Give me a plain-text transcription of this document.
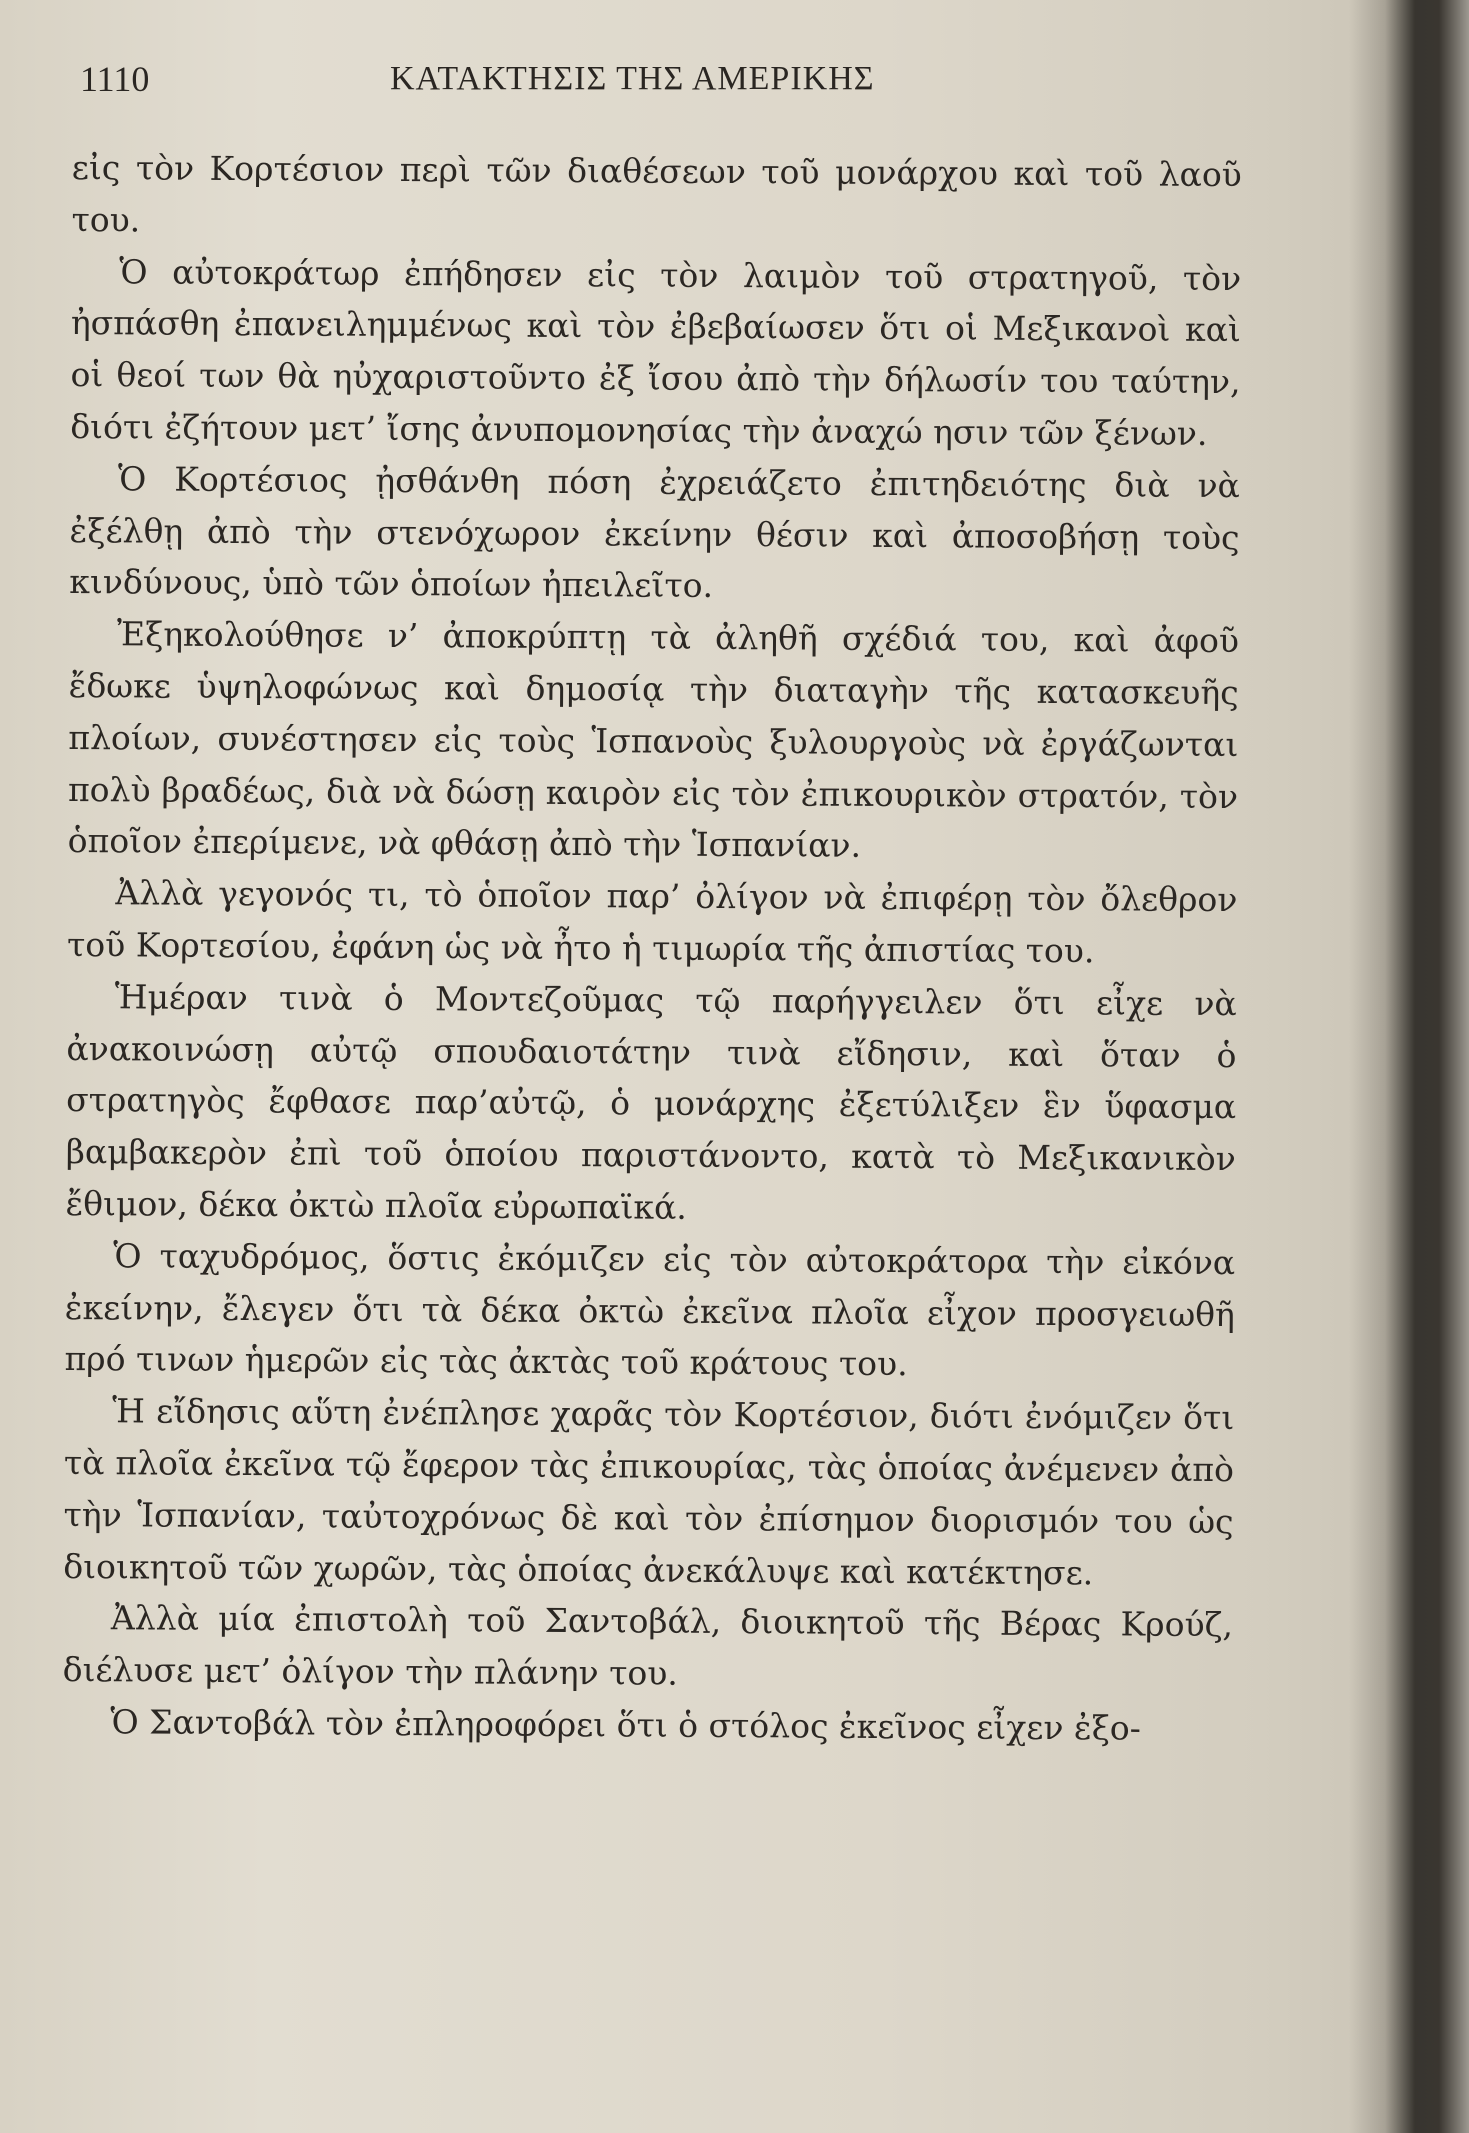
1110	ΚΑΤΑΚΤΗΣΙΣ ΤΗΣ ΑΜΕΡΙΚΗΣ

εἰς τὸν Κορτέσιον περὶ τῶν διαθέσεων τοῦ μονάρχου καὶ τοῦ λαοῦ του.

Ὁ αὐτοκράτωρ ἐπήδησεν εἰς τὸν λαιμὸν τοῦ στρατηγοῦ, τὸν ἠσπάσθη ἐπανειλημμένως καὶ τὸν ἐβεβαίωσεν ὅτι οἱ Μεξικανοὶ καὶ οἱ θεοί των θὰ ηὐχαριστοῦντο ἐξ ἴσου ἀπὸ τὴν δήλωσίν του ταύτην, διότι ἐζήτουν μετ’ ἴσης ἀνυπομονησίας τὴν ἀναχώ ησιν τῶν ξένων.

Ὁ Κορτέσιος ᾐσθάνθη πόση ἐχρειάζετο ἐπιτηδειότης διὰ νὰ ἐξέλθῃ ἀπὸ τὴν στενόχωρον ἐκείνην θέσιν καὶ ἀποσοβήσῃ τοὺς κινδύνους, ὑπὸ τῶν ὁποίων ἠπειλεῖτο.

Ἐξηκολούθησε ν’ ἀποκρύπτῃ τὰ ἀληθῆ σχέδιά του, καὶ ἀφοῦ ἔδωκε ὑψηλοφώνως καὶ δημοσίᾳ τὴν διαταγὴν τῆς κατασκευῆς πλοίων, συνέστησεν εἰς τοὺς Ἱσπανοὺς ξυλουργοὺς νὰ ἐργάζωνται πολὺ βραδέως, διὰ νὰ δώσῃ καιρὸν εἰς τὸν ἐπικουρικὸν στρατόν, τὸν ὁποῖον ἐπερίμενε, νὰ φθάσῃ ἀπὸ τὴν Ἱσπανίαν.

Ἀλλὰ γεγονός τι, τὸ ὁποῖον παρ’ ὀλίγον νὰ ἐπιφέρῃ τὸν ὄλεθρον τοῦ Κορτεσίου, ἐφάνη ὡς νὰ ἦτο ἡ τιμωρία τῆς ἀπιστίας του.

Ἡμέραν τινὰ ὁ Μοντεζοῦμας τῷ παρήγγειλεν ὅτι εἶχε νὰ ἀνακοινώσῃ αὐτῷ σπουδαιοτάτην τινὰ εἴδησιν, καὶ ὅταν ὁ στρατηγὸς ἔφθασε παρ’αὐτῷ, ὁ μονάρχης ἐξετύλιξεν ἓν ὕφασμα βαμβακερὸν ἐπὶ τοῦ ὁποίου παριστάνοντο, κατὰ τὸ Μεξικανικὸν ἔθιμον, δέκα ὀκτὼ πλοῖα εὐρωπαϊκά.

Ὁ ταχυδρόμος, ὅστις ἐκόμιζεν εἰς τὸν αὐτοκράτορα τὴν εἰκόνα ἐκείνην, ἔλεγεν ὅτι τὰ δέκα ὀκτὼ ἐκεῖνα πλοῖα εἶχον προσγειωθῆ πρό τινων ἡμερῶν εἰς τὰς ἀκτὰς τοῦ κράτους του.

Ἡ εἴδησις αὕτη ἐνέπλησε χαρᾶς τὸν Κορτέσιον, διότι ἐνόμιζεν ὅτι τὰ πλοῖα ἐκεῖνα τῷ ἔφερον τὰς ἐπικουρίας, τὰς ὁποίας ἀνέμενεν ἀπὸ τὴν Ἱσπανίαν, ταὐτοχρόνως δὲ καὶ τὸν ἐπίσημον διορισμόν του ὡς διοικητοῦ τῶν χωρῶν, τὰς ὁποίας ἀνεκάλυψε καὶ κατέκτησε.

Ἀλλὰ μία ἐπιστολὴ τοῦ Σαντοβάλ, διοικητοῦ τῆς Βέρας Κρούζ, διέλυσε μετ’ ὀλίγον τὴν πλάνην του.

Ὁ Σαντοβάλ τὸν ἐπληροφόρει ὅτι ὁ στόλος ἐκεῖνος εἶχεν ἐξο-
